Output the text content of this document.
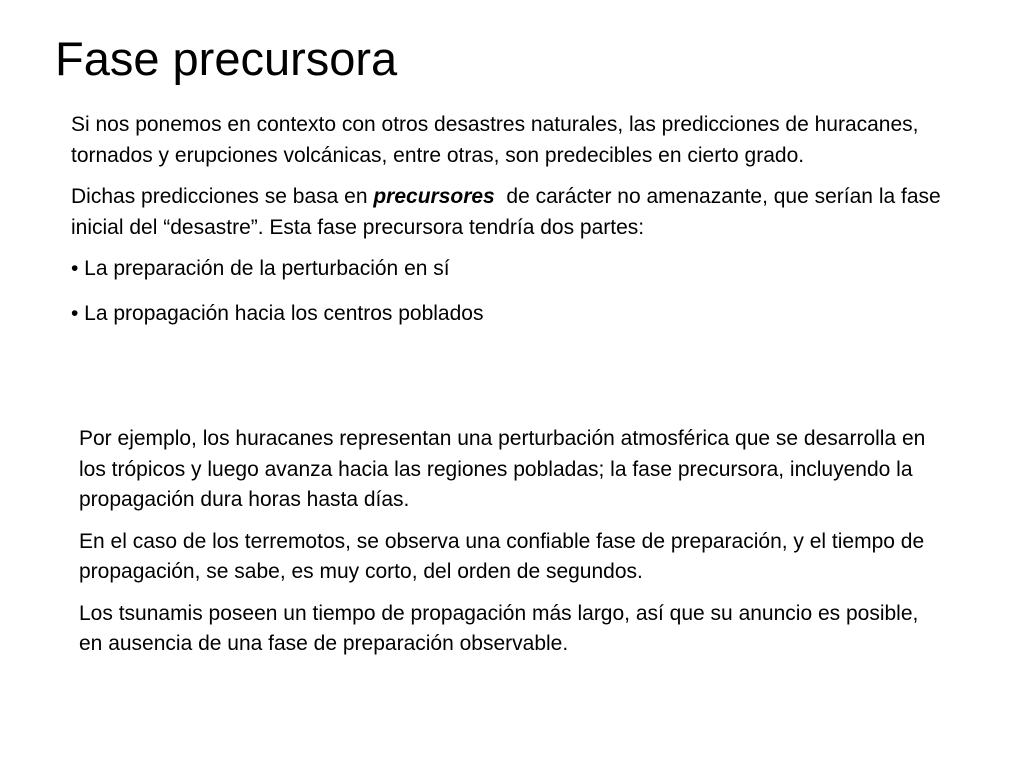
Fase precursora

Si nos ponemos en contexto con otros desastres naturales, las predicciones de huracanes, tornados y erupciones volcánicas, entre otras, son predecibles en cierto grado.

Dichas predicciones se basa en precursores  de carácter no amenazante, que serían la fase inicial del “desastre”. Esta fase precursora tendría dos partes:

• La preparación de la perturbación en sí

• La propagación hacia los centros poblados

Por ejemplo, los huracanes representan una perturbación atmosférica que se desarrolla en los trópicos y luego avanza hacia las regiones pobladas; la fase precursora, incluyendo la propagación dura horas hasta días.

En el caso de los terremotos, se observa una confiable fase de preparación, y el tiempo de propagación, se sabe, es muy corto, del orden de segundos.

Los tsunamis poseen un tiempo de propagación más largo, así que su anuncio es posible, en ausencia de una fase de preparación observable.
